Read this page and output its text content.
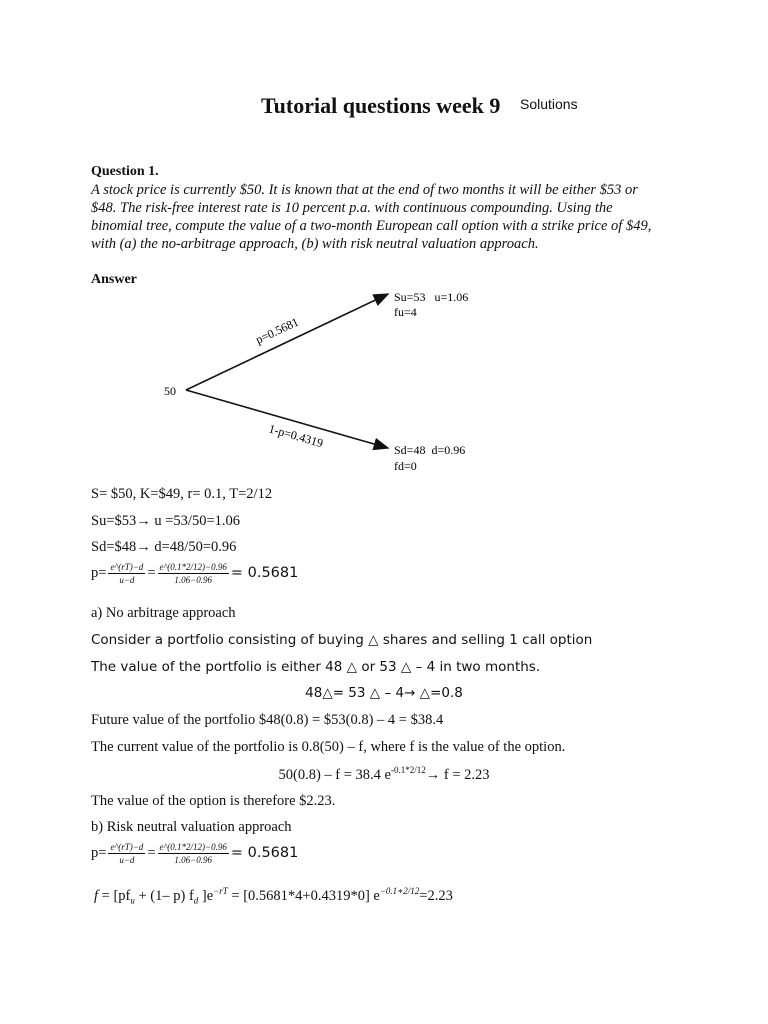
Tutorial questions week 9 Solutions
Question 1.
A stock price is currently $50. It is known that at the end of two months it will be either $53 or
$48. The risk-free interest rate is 10 percent p.a. with continuous compounding. Using the
binomial tree, compute the value of a two-month European call option with a strike price of $49,
with (a) the no-arbitrage approach, (b) with risk neutral valuation approach.
Answer
50
p=0.5681
1-p=0.4319
Su=53   u=1.06
fu=4
Sd=48  d=0.96
fd=0
S= $50, K=$49, r= 0.1, T=2/12
Su=$53→ u =53/50=1.06
Sd=$48→ d=48/50=0.96
$p= \frac{e\^{}(rT)-d}{u-d} = \frac{e\^{}(0.1*2/12)-0.96}{1.06-0.96} = 0.5681$
a) No arbitrage approach
Consider a portfolio consisting of buying △ shares and selling 1 call option
The value of the portfolio is either 48 △ or 53 △ – 4 in two months.
48△= 53 △ – 4→ △=0.8
Future value of the portfolio $48(0.8) = $53(0.8) – 4 = $38.4
The current value of the portfolio is 0.8(50) – f, where f is the value of the option.
50(0.8) – f = 38.4 $e^{-0.1*2/12}\to f = 2.23$
The value of the option is therefore $2.23.
b) Risk neutral valuation approach
$p= \frac{e\^{}(rT)-d}{u-d} = \frac{e\^{}(0.1*2/12)-0.96}{1.06-0.96} = 0.5681$
$f = [pf_u + (1-$ p) $f_d$ ]$e^{-rT} = [0.5681*4+0.4319*0]$ $e^{-0.1∗2/12}=2.23$
